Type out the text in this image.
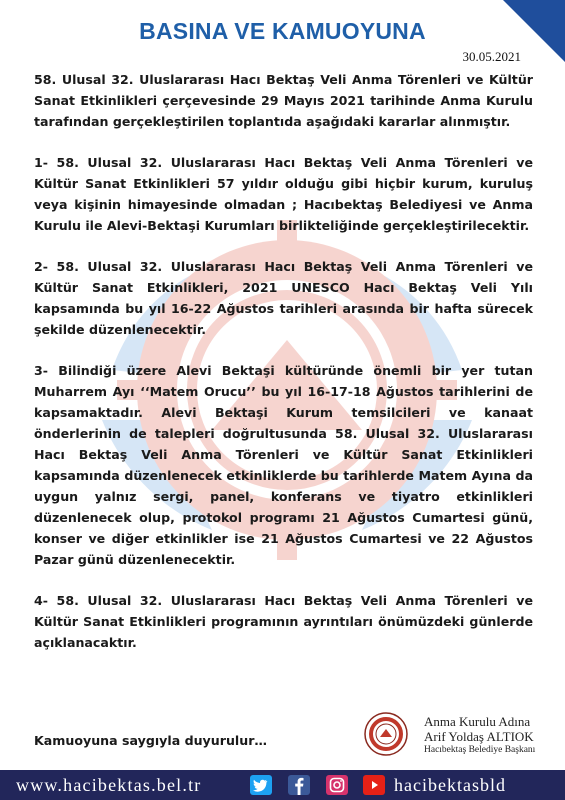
BASINA VE KAMUOYUNA
30.05.2021

58. Ulusal 32. Uluslararası Hacı Bektaş Veli Anma Törenleri ve Kültür Sanat Etkinlikleri çerçevesinde 29 Mayıs 2021 tarihinde Anma Kurulu tarafından gerçekleştirilen toplantıda aşağıdaki kararlar alınmıştır.

1- 58. Ulusal 32. Uluslararası Hacı Bektaş Veli Anma Törenleri ve Kültür Sanat Etkinlikleri 57 yıldır olduğu gibi hiçbir kurum, kuruluş veya kişinin himayesinde olmadan ; Hacıbektaş Belediyesi ve Anma Kurulu ile Alevi-Bektaşi Kurumları birlikteliğinde gerçekleştirilecektir.

2- 58. Ulusal 32. Uluslararası Hacı Bektaş Veli Anma Törenleri ve Kültür Sanat Etkinlikleri, 2021 UNESCO Hacı Bektaş Veli Yılı kapsamında bu yıl 16-22 Ağustos tarihleri arasında bir hafta sürecek şekilde düzenlenecektir.

3- Bilindiği üzere Alevi Bektaşi kültüründe önemli bir yer tutan Muharrem Ayı ‘‘Matem Orucu’’ bu yıl 16-17-18 Ağustos tarihlerini de kapsamaktadır. Alevi Bektaşi Kurum temsilcileri ve kanaat önderlerinin de talepleri doğrultusunda 58. Ulusal 32. Uluslararası Hacı Bektaş Veli Anma Törenleri ve Kültür Sanat Etkinlikleri kapsamında düzenlenecek etkinliklerde bu tarihlerde Matem Ayına da uygun yalnız sergi, panel, konferans ve tiyatro etkinlikleri düzenlenecek olup, protokol programı 21 Ağustos Cumartesi günü, konser ve diğer etkinlikler ise 21 Ağustos Cumartesi ve 22 Ağustos Pazar günü düzenlenecektir.

4- 58. Ulusal 32. Uluslararası Hacı Bektaş Veli Anma Törenleri ve Kültür Sanat Etkinlikleri programının ayrıntıları önümüzdeki günlerde açıklanacaktır.

Kamuoyuna saygıyla duyurulur…
Anma Kurulu Adına
Arif Yoldaş ALTIOK
Hacıbektaş Belediye Başkanı
www.hacibektas.bel.tr	hacibektasbld
